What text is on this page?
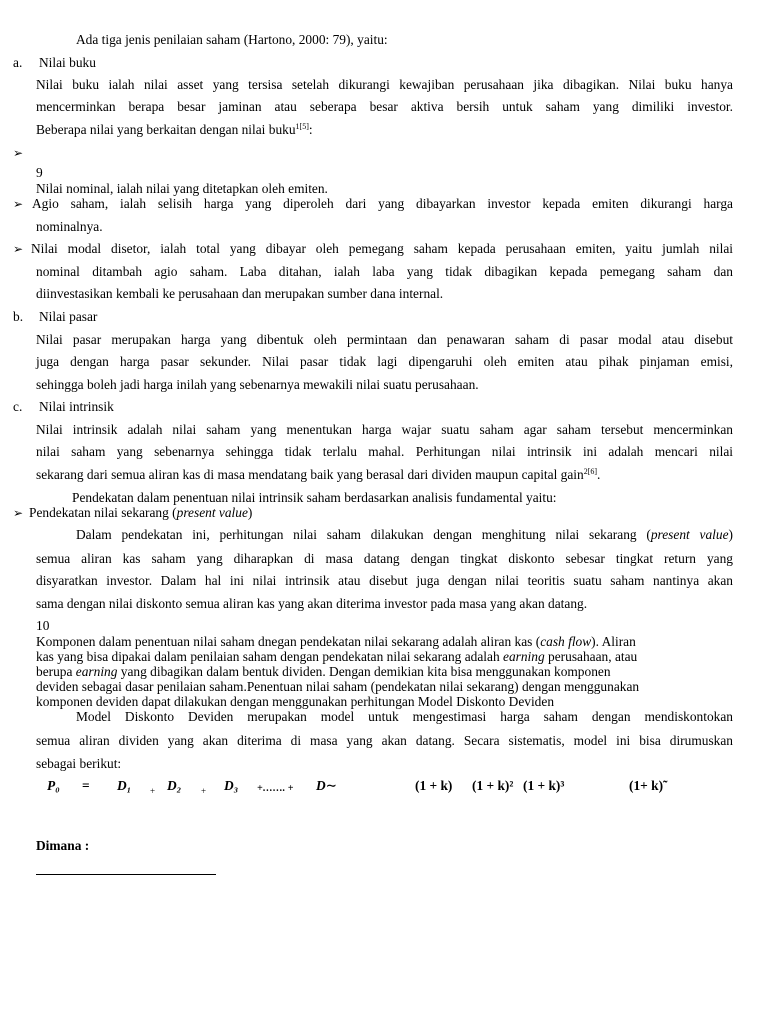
Ada tiga jenis penilaian saham (Hartono, 2000: 79), yaitu:
a. Nilai buku
Nilai buku ialah nilai asset yang tersisa setelah dikurangi kewajiban perusahaan jika dibagikan. Nilai buku hanya
mencerminkan berapa besar jaminan atau seberapa besar aktiva bersih untuk saham yang dimiliki investor.
Beberapa nilai yang berkaitan dengan nilai buku$^{1[5]}$:
➢
9
Nilai nominal, ialah nilai yang ditetapkan oleh emiten.
➢ Agio saham, ialah selisih harga yang diperoleh dari yang dibayarkan investor kepada emiten dikurangi harga
nominalnya.
➢ Nilai modal disetor, ialah total yang dibayar oleh pemegang saham kepada perusahaan emiten, yaitu jumlah nilai
nominal ditambah agio saham. Laba ditahan, ialah laba yang tidak dibagikan kepada pemegang saham dan
diinvestasikan kembali ke perusahaan dan merupakan sumber dana internal.
b. Nilai pasar
Nilai pasar merupakan harga yang dibentuk oleh permintaan dan penawaran saham di pasar modal atau disebut
juga dengan harga pasar sekunder. Nilai pasar tidak lagi dipengaruhi oleh emiten atau pihak pinjaman emisi,
sehingga boleh jadi harga inilah yang sebenarnya mewakili nilai suatu perusahaan.
c. Nilai intrinsik
Nilai intrinsik adalah nilai saham yang menentukan harga wajar suatu saham agar saham tersebut mencerminkan
nilai saham yang sebenarnya sehingga tidak terlalu mahal. Perhitungan nilai intrinsik ini adalah mencari nilai
sekarang dari semua aliran kas di masa mendatang baik yang berasal dari dividen maupun capital gain$^{2[6]}$.
Pendekatan dalam penentuan nilai intrinsik saham berdasarkan analisis fundamental yaitu:
➢ Pendekatan nilai sekarang (present value)
Dalam pendekatan ini, perhitungan nilai saham dilakukan dengan menghitung nilai sekarang (present value)
semua aliran kas saham yang diharapkan di masa datang dengan tingkat diskonto sebesar tingkat return yang
disyaratkan investor. Dalam hal ini nilai intrinsik atau disebut juga dengan nilai teoritis suatu saham nantinya akan
sama dengan nilai diskonto semua aliran kas yang akan diterima investor pada masa yang akan datang.
10
Komponen dalam penentuan nilai saham dnegan pendekatan nilai sekarang adalah aliran kas (cash flow). Aliran
kas yang bisa dipakai dalam penilaian saham dengan pendekatan nilai sekarang adalah earning perusahaan, atau
berupa earning yang dibagikan dalam bentuk dividen. Dengan demikian kita bisa menggunakan komponen
deviden sebagai dasar penilaian saham.Penentuan nilai saham (pendekatan nilai sekarang) dengan menggunakan
komponen deviden dapat dilakukan dengan menggunakan perhitungan Model Diskonto Deviden
Model Diskonto Deviden merupakan model untuk mengestimasi harga saham dengan mendiskontokan
semua aliran dividen yang akan diterima di masa yang akan datang. Secara sistematis, model ini bisa dirumuskan
sebagai berikut:
P₀ = D₁ + D₂ + D₃ +……. + D∼	(1 + k) (1 + k)² (1 + k)³	(1+ k)˜
Dimana :
